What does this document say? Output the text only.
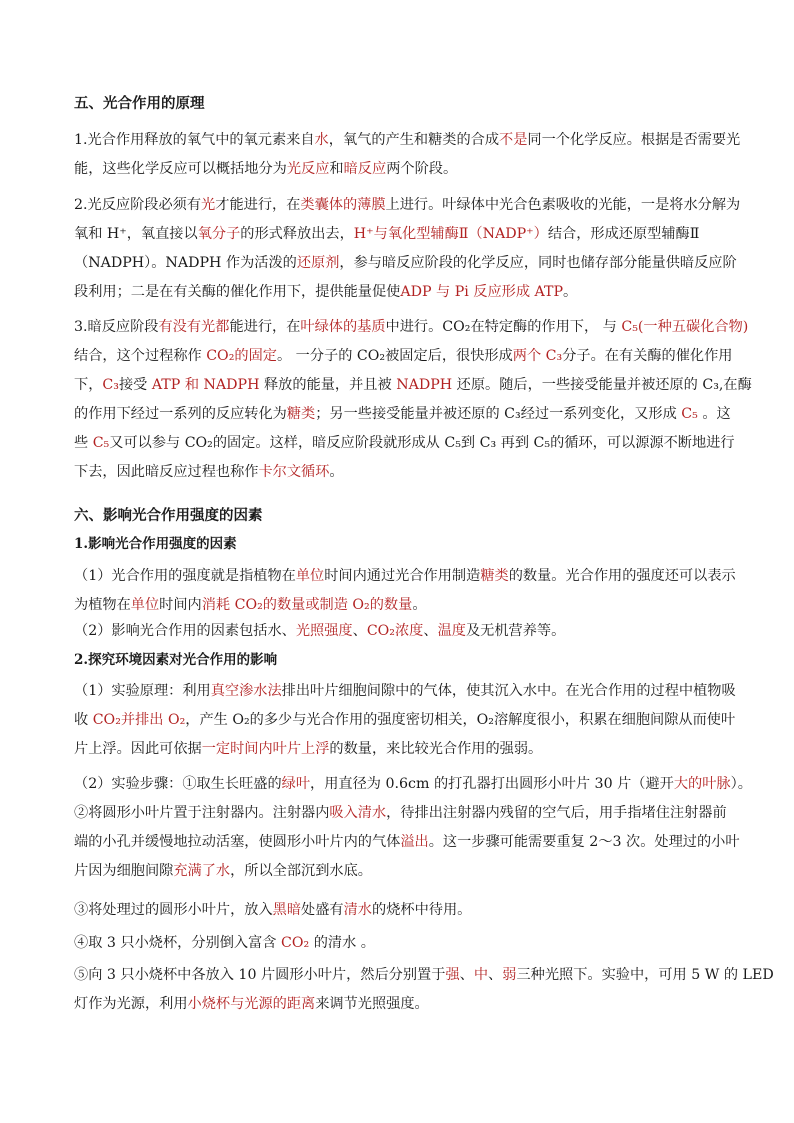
五、光合作用的原理
1.光合作用释放的氧气中的氧元素来自水，氧气的产生和糖类的合成不是同一个化学反应。根据是否需要光
能，这些化学反应可以概括地分为光反应和暗反应两个阶段。
2.光反应阶段必须有光才能进行，在类囊体的薄膜上进行。叶绿体中光合色素吸收的光能，一是将水分解为
氧和 H⁺，氧直接以氧分子的形式释放出去，H⁺与氧化型辅酶Ⅱ（NADP⁺）结合，形成还原型辅酶Ⅱ
（NADPH）。NADPH 作为活泼的还原剂，参与暗反应阶段的化学反应，同时也储存部分能量供暗反应阶
段利用；二是在有关酶的催化作用下，提供能量促使ADP 与 Pi 反应形成 ATP。
3.暗反应阶段有没有光都能进行，在叶绿体的基质中进行。CO₂在特定酶的作用下， 与 C₅(一种五碳化合物)
结合，这个过程称作 CO₂的固定。 一分子的 CO₂被固定后，很快形成两个 C₃分子。在有关酶的催化作用
下，C₃接受 ATP 和 NADPH 释放的能量，并且被 NADPH 还原。随后，一些接受能量并被还原的 C₃,在酶
的作用下经过一系列的反应转化为糖类；另一些接受能量并被还原的 C₃经过一系列变化，又形成 C₅ 。这
些 C₅又可以参与 CO₂的固定。这样，暗反应阶段就形成从 C₅到 C₃ 再到 C₅的循环，可以源源不断地进行
下去，因此暗反应过程也称作卡尔文循环。
六、影响光合作用强度的因素
1.影响光合作用强度的因素
（1）光合作用的强度就是指植物在单位时间内通过光合作用制造糖类的数量。光合作用的强度还可以表示
为植物在单位时间内消耗 CO₂的数量或制造 O₂的数量。
（2）影响光合作用的因素包括水、光照强度、CO₂浓度、温度及无机营养等。
2.探究环境因素对光合作用的影响
（1）实验原理：利用真空渗水法排出叶片细胞间隙中的气体，使其沉入水中。在光合作用的过程中植物吸
收 CO₂并排出 O₂，产生 O₂的多少与光合作用的强度密切相关，O₂溶解度很小，积累在细胞间隙从而使叶
片上浮。因此可依据一定时间内叶片上浮的数量，来比较光合作用的强弱。
（2）实验步骤：①取生长旺盛的绿叶，用直径为 0.6cm 的打孔器打出圆形小叶片 30 片（避开大的叶脉）。
②将圆形小叶片置于注射器内。注射器内吸入清水，待排出注射器内残留的空气后，用手指堵住注射器前
端的小孔并缓慢地拉动活塞，使圆形小叶片内的气体溢出。这一步骤可能需要重复 2～3 次。处理过的小叶
片因为细胞间隙充满了水，所以全部沉到水底。
③将处理过的圆形小叶片，放入黑暗处盛有清水的烧杯中待用。
④取 3 只小烧杯，分别倒入富含 CO₂ 的清水 。
⑤向 3 只小烧杯中各放入 10 片圆形小叶片，然后分别置于强、中、弱三种光照下。实验中，可用 5 W 的 LED
灯作为光源，利用小烧杯与光源的距离来调节光照强度。
